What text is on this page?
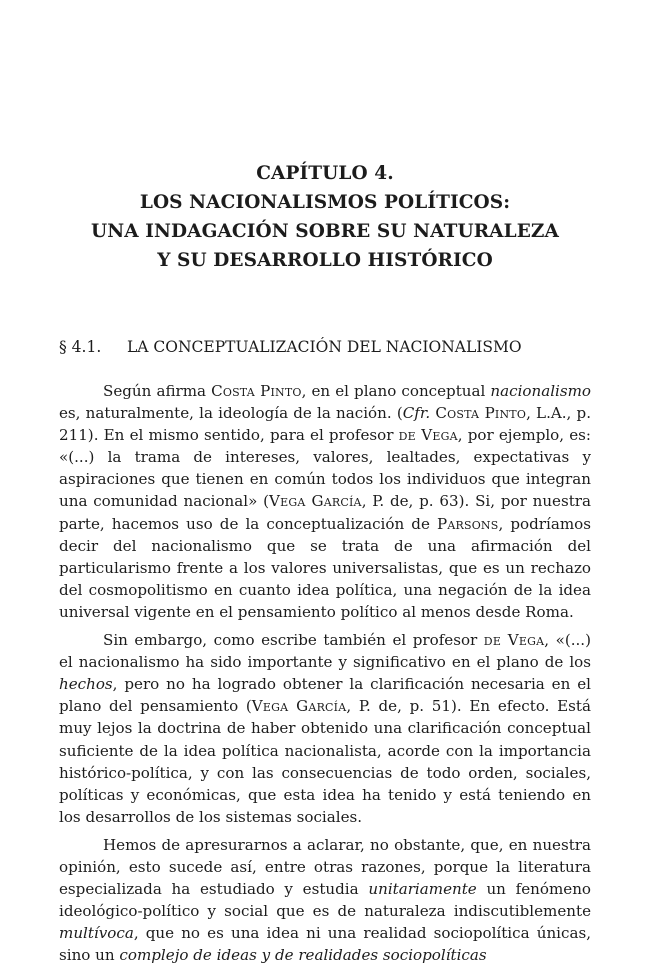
CAPÍTULO 4.
LOS NACIONALISMOS POLÍTICOS:
UNA INDAGACIÓN SOBRE SU NATURALEZA
Y SU DESARROLLO HISTÓRICO
§ 4.1. LA CONCEPTUALIZACIÓN DEL NACIONALISMO

Según afirma Costa Pinto, en el plano conceptual nacionalismo es, naturalmente, la ideología de la nación. (Cfr. Costa Pinto, L.A., p. 211). En el mismo sentido, para el profesor de Vega, por ejemplo, es: «(...) la trama de intereses, valores, lealtades, expectativas y aspiraciones que tienen en común todos los individuos que integran una comunidad nacional» (Vega García, P. de, p. 63). Si, por nuestra parte, hacemos uso de la conceptualización de Parsons, podríamos decir del nacionalismo que se trata de una afirmación del particularismo frente a los valores universalistas, que es un rechazo del cosmopolitismo en cuanto idea política, una negación de la idea universal vigente en el pensamiento político al menos desde Roma.

Sin embargo, como escribe también el profesor de Vega, «(...) el nacionalismo ha sido importante y significativo en el plano de los hechos, pero no ha logrado obtener la clarificación necesaria en el plano del pensamiento (Vega García, P. de, p. 51). En efecto. Está muy lejos la doctrina de haber obtenido una clarificación conceptual suficiente de la idea política nacionalista, acorde con la importancia histórico-política, y con las consecuencias de todo orden, sociales, políticas y económicas, que esta idea ha tenido y está teniendo en los desarrollos de los sistemas sociales.

Hemos de apresurarnos a aclarar, no obstante, que, en nuestra opinión, esto sucede así, entre otras razones, porque la literatura especializada ha estudiado y estudia unitariamente un fenómeno ideológico-político y social que es de naturaleza indiscutiblemente multívoca, que no es una idea ni una realidad sociopolítica únicas, sino un complejo de ideas y de realidades sociopolíticas
